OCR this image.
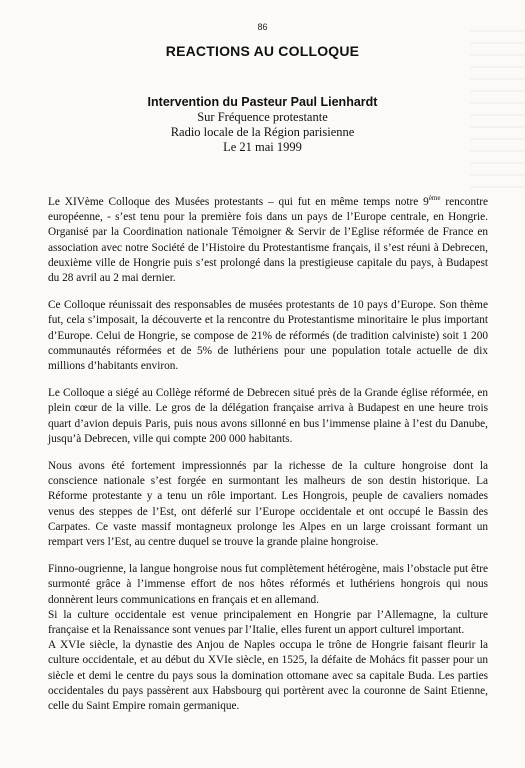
86
REACTIONS AU COLLOQUE
Intervention du Pasteur Paul Lienhardt
Sur Fréquence protestante
Radio locale de la Région parisienne
Le 21 mai 1999

Le XIVème Colloque des Musées protestants – qui fut en même temps notre 9ème rencontre européenne, - s’est tenu pour la première fois dans un pays de l’Europe centrale, en Hongrie. Organisé par la Coordination nationale Témoigner & Servir de l’Eglise réformée de France en association avec notre Société de l’Histoire du Protestantisme français, il s’est réuni à Debrecen, deuxième ville de Hongrie puis s’est prolongé dans la prestigieuse capitale du pays, à Budapest du 28 avril au 2 mai dernier.

Ce Colloque réunissait des responsables de musées protestants de 10 pays d’Europe. Son thème fut, cela s’imposait, la découverte et la rencontre du Protestantisme minoritaire le plus important d’Europe. Celui de Hongrie, se compose de 21% de réformés (de tradition calviniste) soit 1 200 communautés réformées et de 5% de luthériens pour une population totale actuelle de dix millions d’habitants environ.

Le Colloque a siégé au Collège réformé de Debrecen situé près de la Grande église réformée, en plein cœur de la ville. Le gros de la délégation française arriva à Budapest en une heure trois quart d’avion depuis Paris, puis nous avons sillonné en bus l’immense plaine à l’est du Danube, jusqu’à Debrecen, ville qui compte 200 000 habitants.

Nous avons été fortement impressionnés par la richesse de la culture hongroise dont la conscience nationale s’est forgée en surmontant les malheurs de son destin historique. La Réforme protestante y a tenu un rôle important. Les Hongrois, peuple de cavaliers nomades venus des steppes de l’Est, ont déferlé sur l’Europe occidentale et ont occupé le Bassin des Carpates. Ce vaste massif montagneux prolonge les Alpes en un large croissant formant un rempart vers l’Est, au centre duquel se trouve la grande plaine hongroise.

Finno-ougrienne, la langue hongroise nous fut complètement hétérogène, mais l’obstacle put être surmonté grâce à l’immense effort de nos hôtes réformés et luthériens hongrois qui nous donnèrent leurs communications en français et en allemand.

Si la culture occidentale est venue principalement en Hongrie par l’Allemagne, la culture française et la Renaissance sont venues par l’Italie, elles furent un apport culturel important.

A XVIe siècle, la dynastie des Anjou de Naples occupa le trône de Hongrie faisant fleurir la culture occidentale, et au début du XVIe siècle, en 1525, la défaite de Mohács fit passer pour un siècle et demi le centre du pays sous la domination ottomane avec sa capitale Buda. Les parties occidentales du pays passèrent aux Habsbourg qui portèrent avec la couronne de Saint Etienne, celle du Saint Empire romain germanique.
